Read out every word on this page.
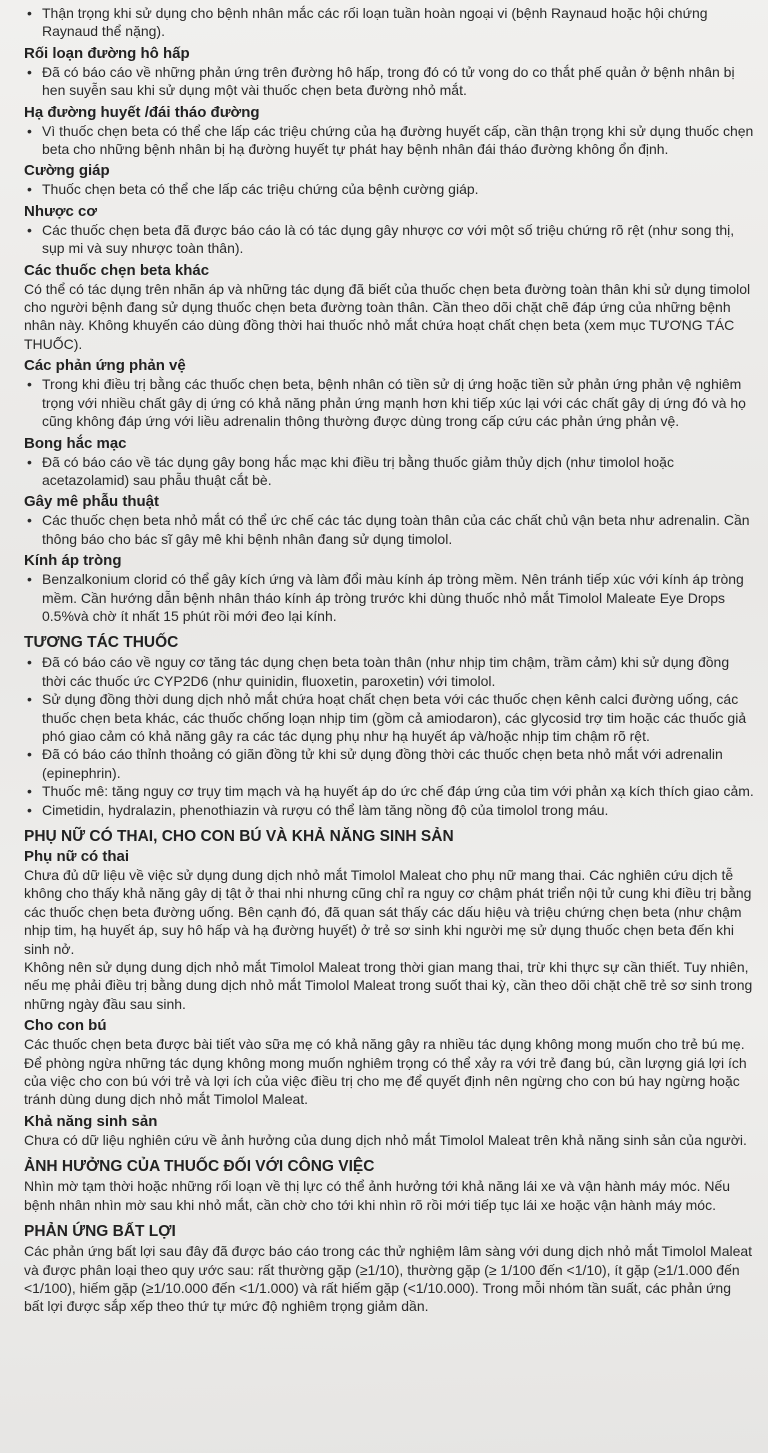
• Thận trọng khi sử dụng cho bệnh nhân mắc các rối loạn tuần hoàn ngoại vi (bệnh Raynaud hoặc hội chứng Raynaud thể nặng).

Rối loạn đường hô hấp

• Đã có báo cáo về những phản ứng trên đường hô hấp, trong đó có tử vong do co thắt phế quản ở bệnh nhân bị hen suyễn sau khi sử dụng một vài thuốc chẹn beta đường nhỏ mắt.

Hạ đường huyết /đái tháo đường

• Vì thuốc chẹn beta có thể che lấp các triệu chứng của hạ đường huyết cấp, cần thận trọng khi sử dụng thuốc chẹn beta cho những bệnh nhân bị hạ đường huyết tự phát hay bệnh nhân đái tháo đường không ổn định.

Cường giáp

• Thuốc chẹn beta có thể che lấp các triệu chứng của bệnh cường giáp.

Nhược cơ

• Các thuốc chẹn beta đã được báo cáo là có tác dụng gây nhược cơ với một số triệu chứng rõ rệt (như song thị, sụp mi và suy nhược toàn thân).

Các thuốc chẹn beta khác

Có thể có tác dụng trên nhãn áp và những tác dụng đã biết của thuốc chẹn beta đường toàn thân khi sử dụng timolol cho người bệnh đang sử dụng thuốc chẹn beta đường toàn thân. Cần theo dõi chặt chẽ đáp ứng của những bệnh nhân này. Không khuyến cáo dùng đồng thời hai thuốc nhỏ mắt chứa hoạt chất chẹn beta (xem mục TƯƠNG TÁC THUỐC).

Các phản ứng phản vệ

• Trong khi điều trị bằng các thuốc chẹn beta, bệnh nhân có tiền sử dị ứng hoặc tiền sử phản ứng phản vệ nghiêm trọng với nhiều chất gây dị ứng có khả năng phản ứng mạnh hơn khi tiếp xúc lại với các chất gây dị ứng đó và họ cũng không đáp ứng với liều adrenalin thông thường được dùng trong cấp cứu các phản ứng phản vệ.

Bong hắc mạc

• Đã có báo cáo về tác dụng gây bong hắc mạc khi điều trị bằng thuốc giảm thủy dịch (như timolol hoặc acetazolamid) sau phẫu thuật cắt bè.

Gây mê phẫu thuật

• Các thuốc chẹn beta nhỏ mắt có thể ức chế các tác dụng toàn thân của các chất chủ vận beta như adrenalin. Cần thông báo cho bác sĩ gây mê khi bệnh nhân đang sử dụng timolol.

Kính áp tròng

• Benzalkonium clorid có thể gây kích ứng và làm đổi màu kính áp tròng mềm. Nên tránh tiếp xúc với kính áp tròng mềm. Cần hướng dẫn bệnh nhân tháo kính áp tròng trước khi dùng thuốc nhỏ mắt Timolol Maleate Eye Drops 0.5%và chờ ít nhất 15 phút rồi mới đeo lại kính.

TƯƠNG TÁC THUỐC

• Đã có báo cáo về nguy cơ tăng tác dụng chẹn beta toàn thân (như nhịp tim chậm, trầm cảm) khi sử dụng đồng thời các thuốc ức CYP2D6 (như quinidin, fluoxetin, paroxetin) với timolol.

• Sử dụng đồng thời dung dịch nhỏ mắt chứa hoạt chất chẹn beta với các thuốc chẹn kênh calci đường uống, các thuốc chẹn beta khác, các thuốc chống loạn nhịp tim (gồm cả amiodaron), các glycosid trợ tim hoặc các thuốc giả phó giao cảm có khả năng gây ra các tác dụng phụ như hạ huyết áp và/hoặc nhịp tim chậm rõ rệt.

• Đã có báo cáo thỉnh thoảng có giãn đồng tử khi sử dụng đồng thời các thuốc chẹn beta nhỏ mắt với adrenalin (epinephrin).

• Thuốc mê: tăng nguy cơ trụy tim mạch và hạ huyết áp do ức chế đáp ứng của tim với phản xạ kích thích giao cảm.

• Cimetidin, hydralazin, phenothiazin và rượu có thể làm tăng nồng độ của timolol trong máu.

PHỤ NỮ CÓ THAI, CHO CON BÚ VÀ KHẢ NĂNG SINH SẢN
Phụ nữ có thai

Chưa đủ dữ liệu về việc sử dụng dung dịch nhỏ mắt Timolol Maleat cho phụ nữ mang thai. Các nghiên cứu dịch tễ không cho thấy khả năng gây dị tật ở thai nhi nhưng cũng chỉ ra nguy cơ chậm phát triển nội tử cung khi điều trị bằng các thuốc chẹn beta đường uống. Bên cạnh đó, đã quan sát thấy các dấu hiệu và triệu chứng chẹn beta (như chậm nhịp tim, hạ huyết áp, suy hô hấp và hạ đường huyết) ở trẻ sơ sinh khi người mẹ sử dụng thuốc chẹn beta đến khi sinh nở.

Không nên sử dụng dung dịch nhỏ mắt Timolol Maleat trong thời gian mang thai, trừ khi thực sự cần thiết. Tuy nhiên, nếu mẹ phải điều trị bằng dung dịch nhỏ mắt Timolol Maleat trong suốt thai kỳ, cần theo dõi chặt chẽ trẻ sơ sinh trong những ngày đầu sau sinh.

Cho con bú

Các thuốc chẹn beta được bài tiết vào sữa mẹ có khả năng gây ra nhiều tác dụng không mong muốn cho trẻ bú mẹ. Để phòng ngừa những tác dụng không mong muốn nghiêm trọng có thể xảy ra với trẻ đang bú, cần lượng giá lợi ích của việc cho con bú với trẻ và lợi ích của việc điều trị cho mẹ để quyết định nên ngừng cho con bú hay ngừng hoặc tránh dùng dung dịch nhỏ mắt Timolol Maleat.

Khả năng sinh sản

Chưa có dữ liệu nghiên cứu về ảnh hưởng của dung dịch nhỏ mắt Timolol Maleat trên khả năng sinh sản của người.

ẢNH HƯỞNG CỦA THUỐC ĐỐI VỚI CÔNG VIỆC

Nhìn mờ tạm thời hoặc những rối loạn về thị lực có thể ảnh hưởng tới khả năng lái xe và vận hành máy móc. Nếu bệnh nhân nhìn mờ sau khi nhỏ mắt, cần chờ cho tới khi nhìn rõ rồi mới tiếp tục lái xe hoặc vận hành máy móc.

PHẢN ỨNG BẤT LỢI

Các phản ứng bất lợi sau đây đã được báo cáo trong các thử nghiệm lâm sàng với dung dịch nhỏ mắt Timolol Maleat và được phân loại theo quy ước sau: rất thường gặp (≥1/10), thường gặp (≥ 1/100 đến <1/10), ít gặp (≥1/1.000 đến <1/100), hiếm gặp (≥1/10.000 đến <1/1.000) và rất hiếm gặp (<1/10.000). Trong mỗi nhóm tần suất, các phản ứng bất lợi được sắp xếp theo thứ tự mức độ nghiêm trọng giảm dần.
